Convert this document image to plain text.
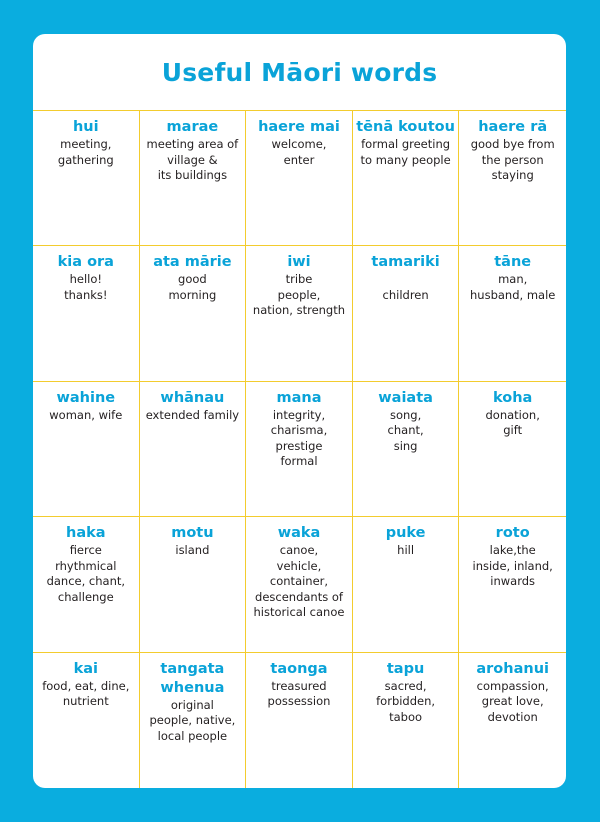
Useful Māori words
hui
meeting,
gathering
marae
meeting area of
village &
its buildings
haere mai
welcome,
enter
tēnā koutou
formal greeting
to many people
haere rā
good bye from
the person
staying
kia ora
hello!
thanks!
ata mārie
good
morning
iwi
tribe
people,
nation, strength
tamariki

children
tāne
man,
husband, male
wahine
woman, wife
whānau
extended family
mana
integrity,
charisma,
prestige
formal
waiata
song,
chant,
sing
koha
donation,
gift
haka
fierce
rhythmical
dance, chant,
challenge
motu
island
waka
canoe,
vehicle,
container,
descendants of
historical canoe
puke
hill
roto
lake,the
inside, inland,
inwards
kai
food, eat, dine,
nutrient
tangata
whenua
original
people, native,
local people
taonga
treasured
possession
tapu
sacred,
forbidden,
taboo
arohanui
compassion,
great love,
devotion
